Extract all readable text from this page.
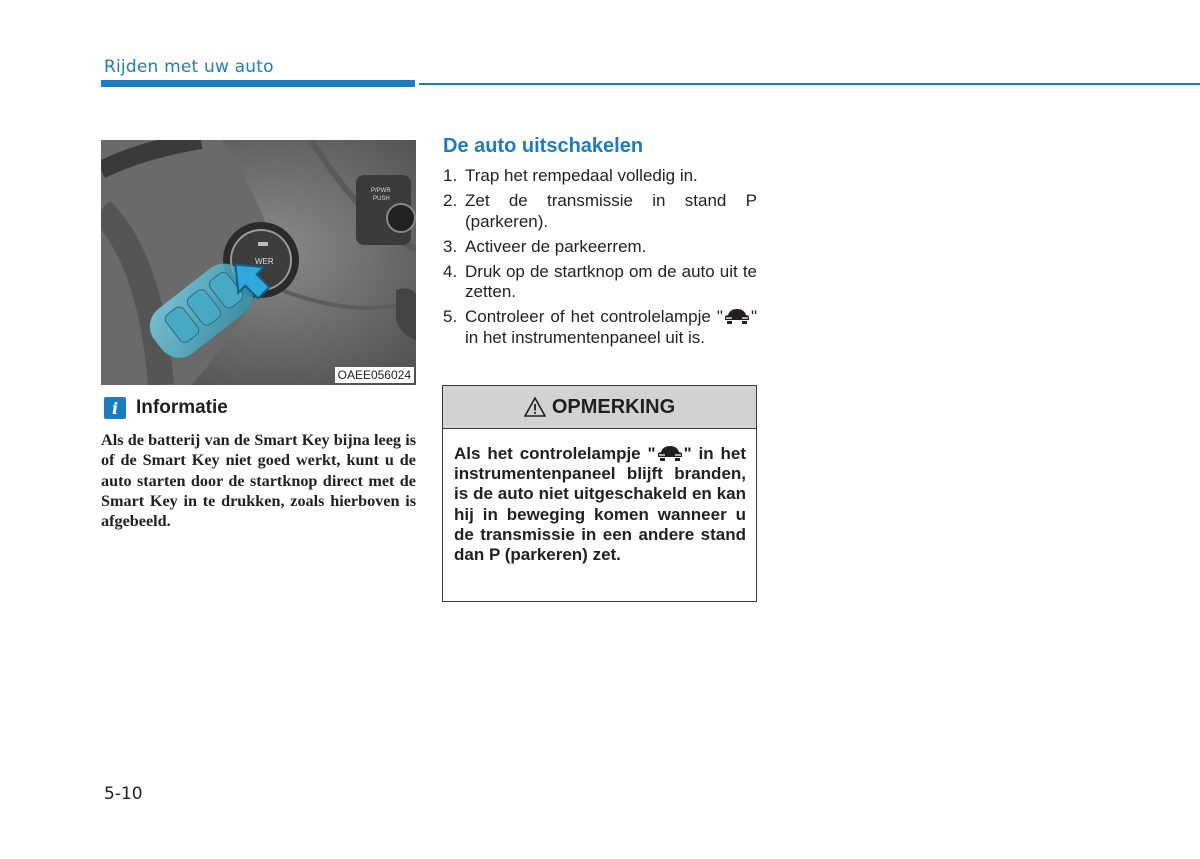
Rijden met uw auto
WER
P/PWR
PUSH
OAEE056024
i Informatie
Als de batterij van de Smart Key bijna leeg is of de Smart Key niet goed werkt, kunt u de auto starten door de startknop direct met de Smart Key in te drukken, zoals hierboven is afgebeeld.
De auto uitschakelen
1. Trap het rempedaal volledig in.
2. Zet de transmissie in stand P (parkeren).
3. Activeer de parkeerrem.
4. Druk op de startknop om de auto uit te zetten.
5. Controleer of het controlelampje " " in het instrumentenpaneel uit is.
OPMERKING
Als het controlelampje " " in het instrumentenpaneel blijft branden, is de auto niet uitgeschakeld en kan hij in beweging komen wanneer u de transmissie in een andere stand dan P (parkeren) zet.
5-10
